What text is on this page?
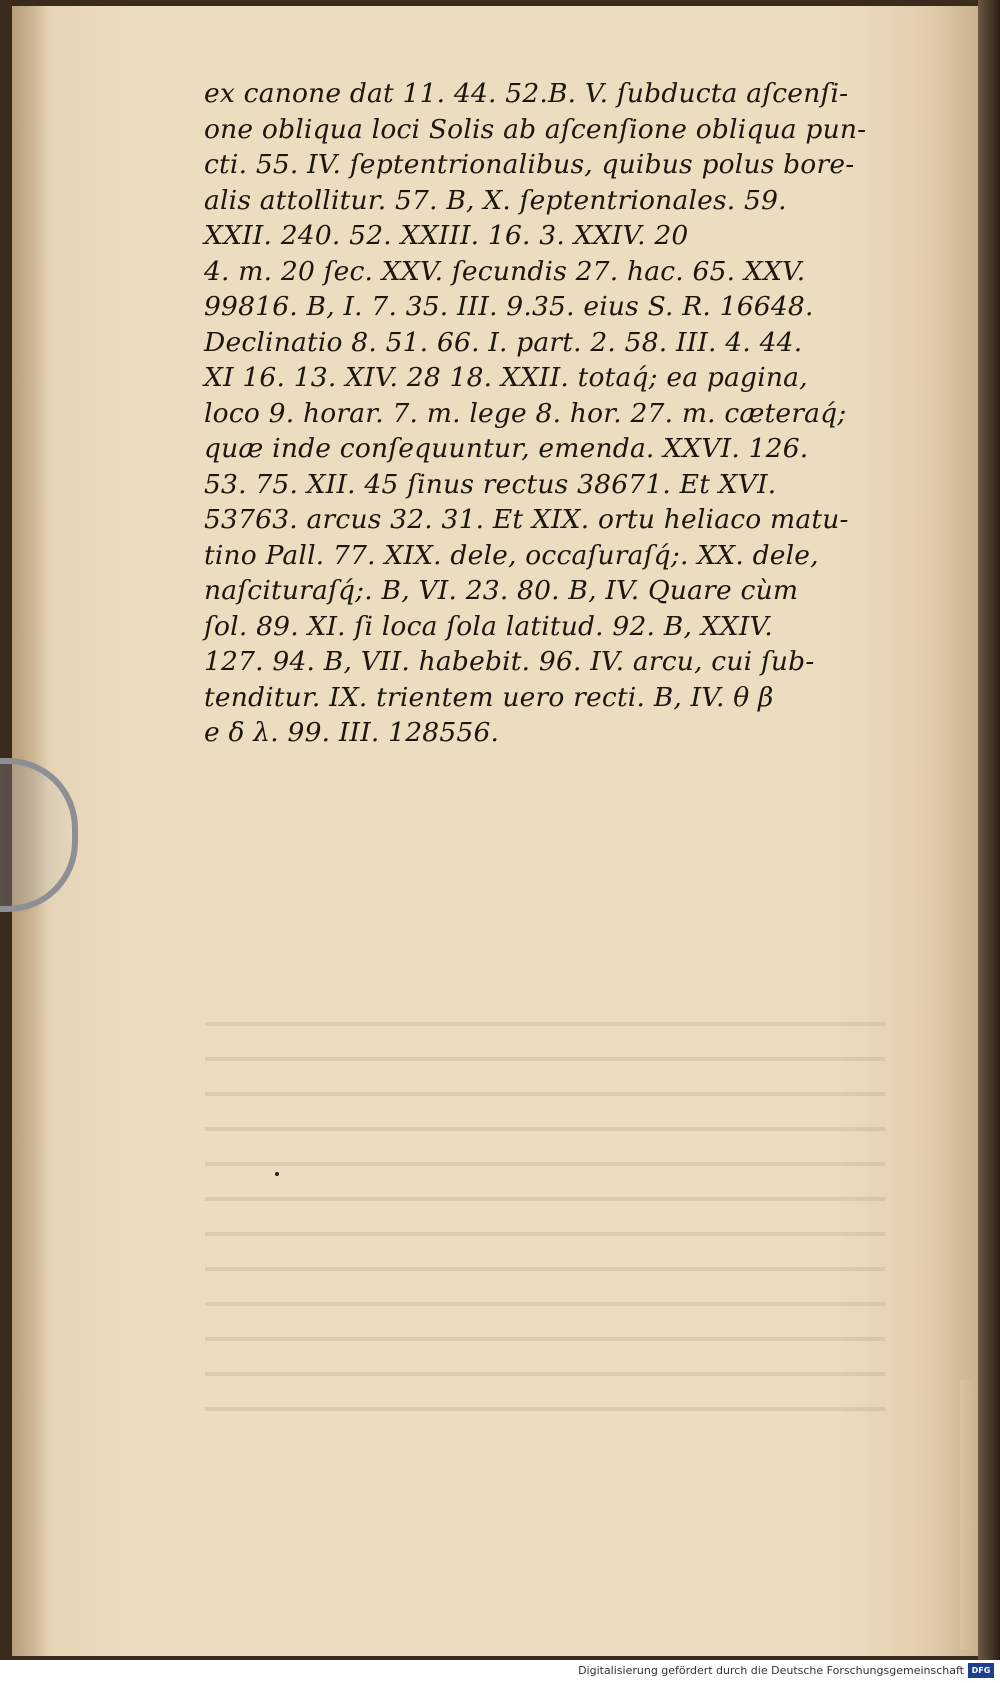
ex canone dat 11. 44. 52.B. V. ſubducta aſcenſi-
one obliqua loci Solis ab aſcenſione obliqua pun-
cti. 55. IV. ſeptentrionalibus, quibus polus bore-
alis attollitur. 57. B, X. ſeptentrionales. 59.
XXII. 240. 52. XXIII. 16. 3. XXIV. 20
4. m. 20 ſec. XXV. ſecundis 27. hac. 65. XXV.
99816. B, I. 7. 35. III. 9.35. eius S. R. 16648.
Declinatio 8. 51. 66. I. part. 2. 58. III. 4. 44.
XI 16. 13. XIV. 28 18. XXII. totaq́; ea pagina,
loco 9. horar. 7. m. lege 8. hor. 27. m. cæteraq́;
quæ inde conſequuntur, emenda. XXVI. 126.
53. 75. XII. 45 ſinus rectus 38671. Et XVI.
53763. arcus 32. 31. Et XIX. ortu heliaco matu-
tino Pall. 77. XIX. dele, occaſuraſq́;. XX. dele,
naſcituraſq́;. B, VI. 23. 80. B, IV. Quare cùm
ſol. 89. XI. ſi loca ſola latitud. 92. B, XXIV.
127. 94. B, VII. habebit. 96. IV. arcu, cui ſub-
tenditur. IX. trientem uero recti. B, IV. θ β
e δ λ. 99. III. 128556.
Digitalisierung gefördert durch die Deutsche Forschungsgemeinschaft DFG
